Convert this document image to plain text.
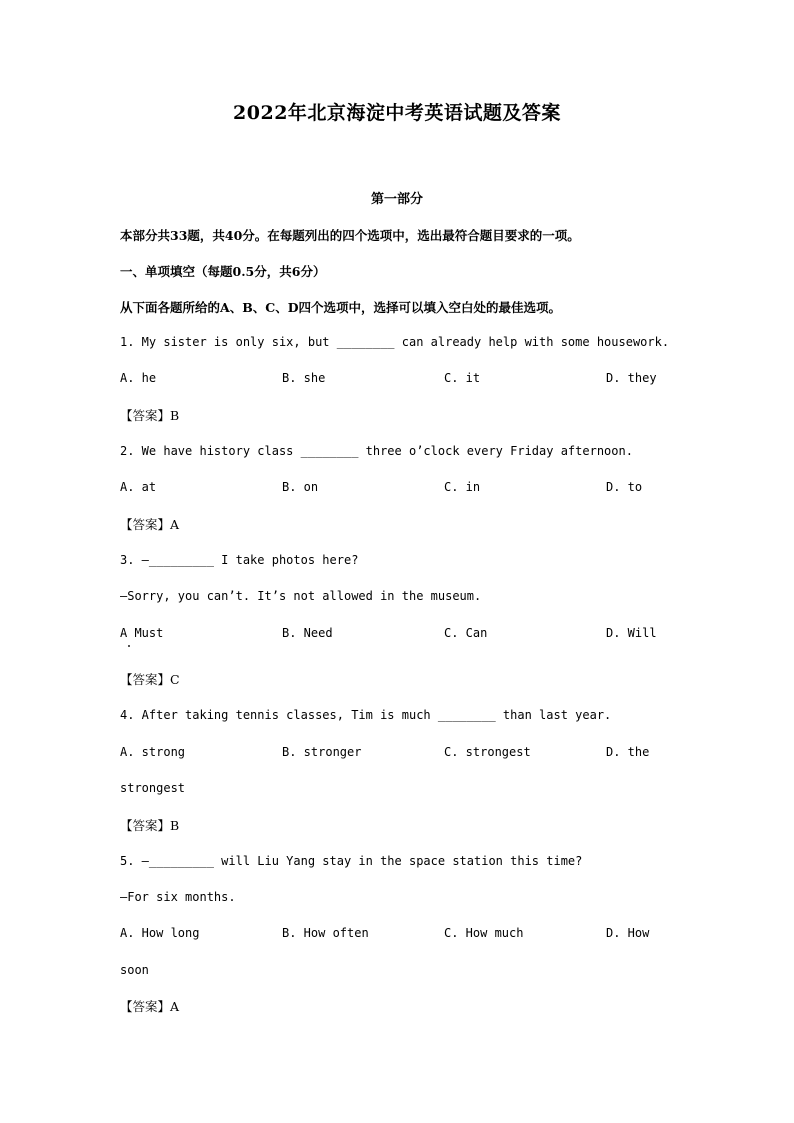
2022年北京海淀中考英语试题及答案
第一部分
本部分共33题，共40分。在每题列出的四个选项中，选出最符合题目要求的一项。
一、单项填空（每题0.5分，共6分）
从下面各题所给的A、B、C、D四个选项中，选择可以填入空白处的最佳选项。
1. My sister is only six, but ________ can already help with some housework.
A. he	B. she	C. it	D. they
【答案】B
2. We have history class ________ three o’clock every Friday afternoon.
A. at	B. on	C. in	D. to
【答案】A
3. —_________ I take photos here?
—Sorry, you can’t. It’s not allowed in the museum.
A Must	B. Need	C. Can	D. Will
【答案】C
4. After taking tennis classes, Tim is much ________ than last year.
A. strong	B. stronger	C. strongest	D. the
strongest
【答案】B
5. —_________ will Liu Yang stay in the space station this time?
—For six months.
A. How long	B. How often	C. How much	D. How
soon
【答案】A
